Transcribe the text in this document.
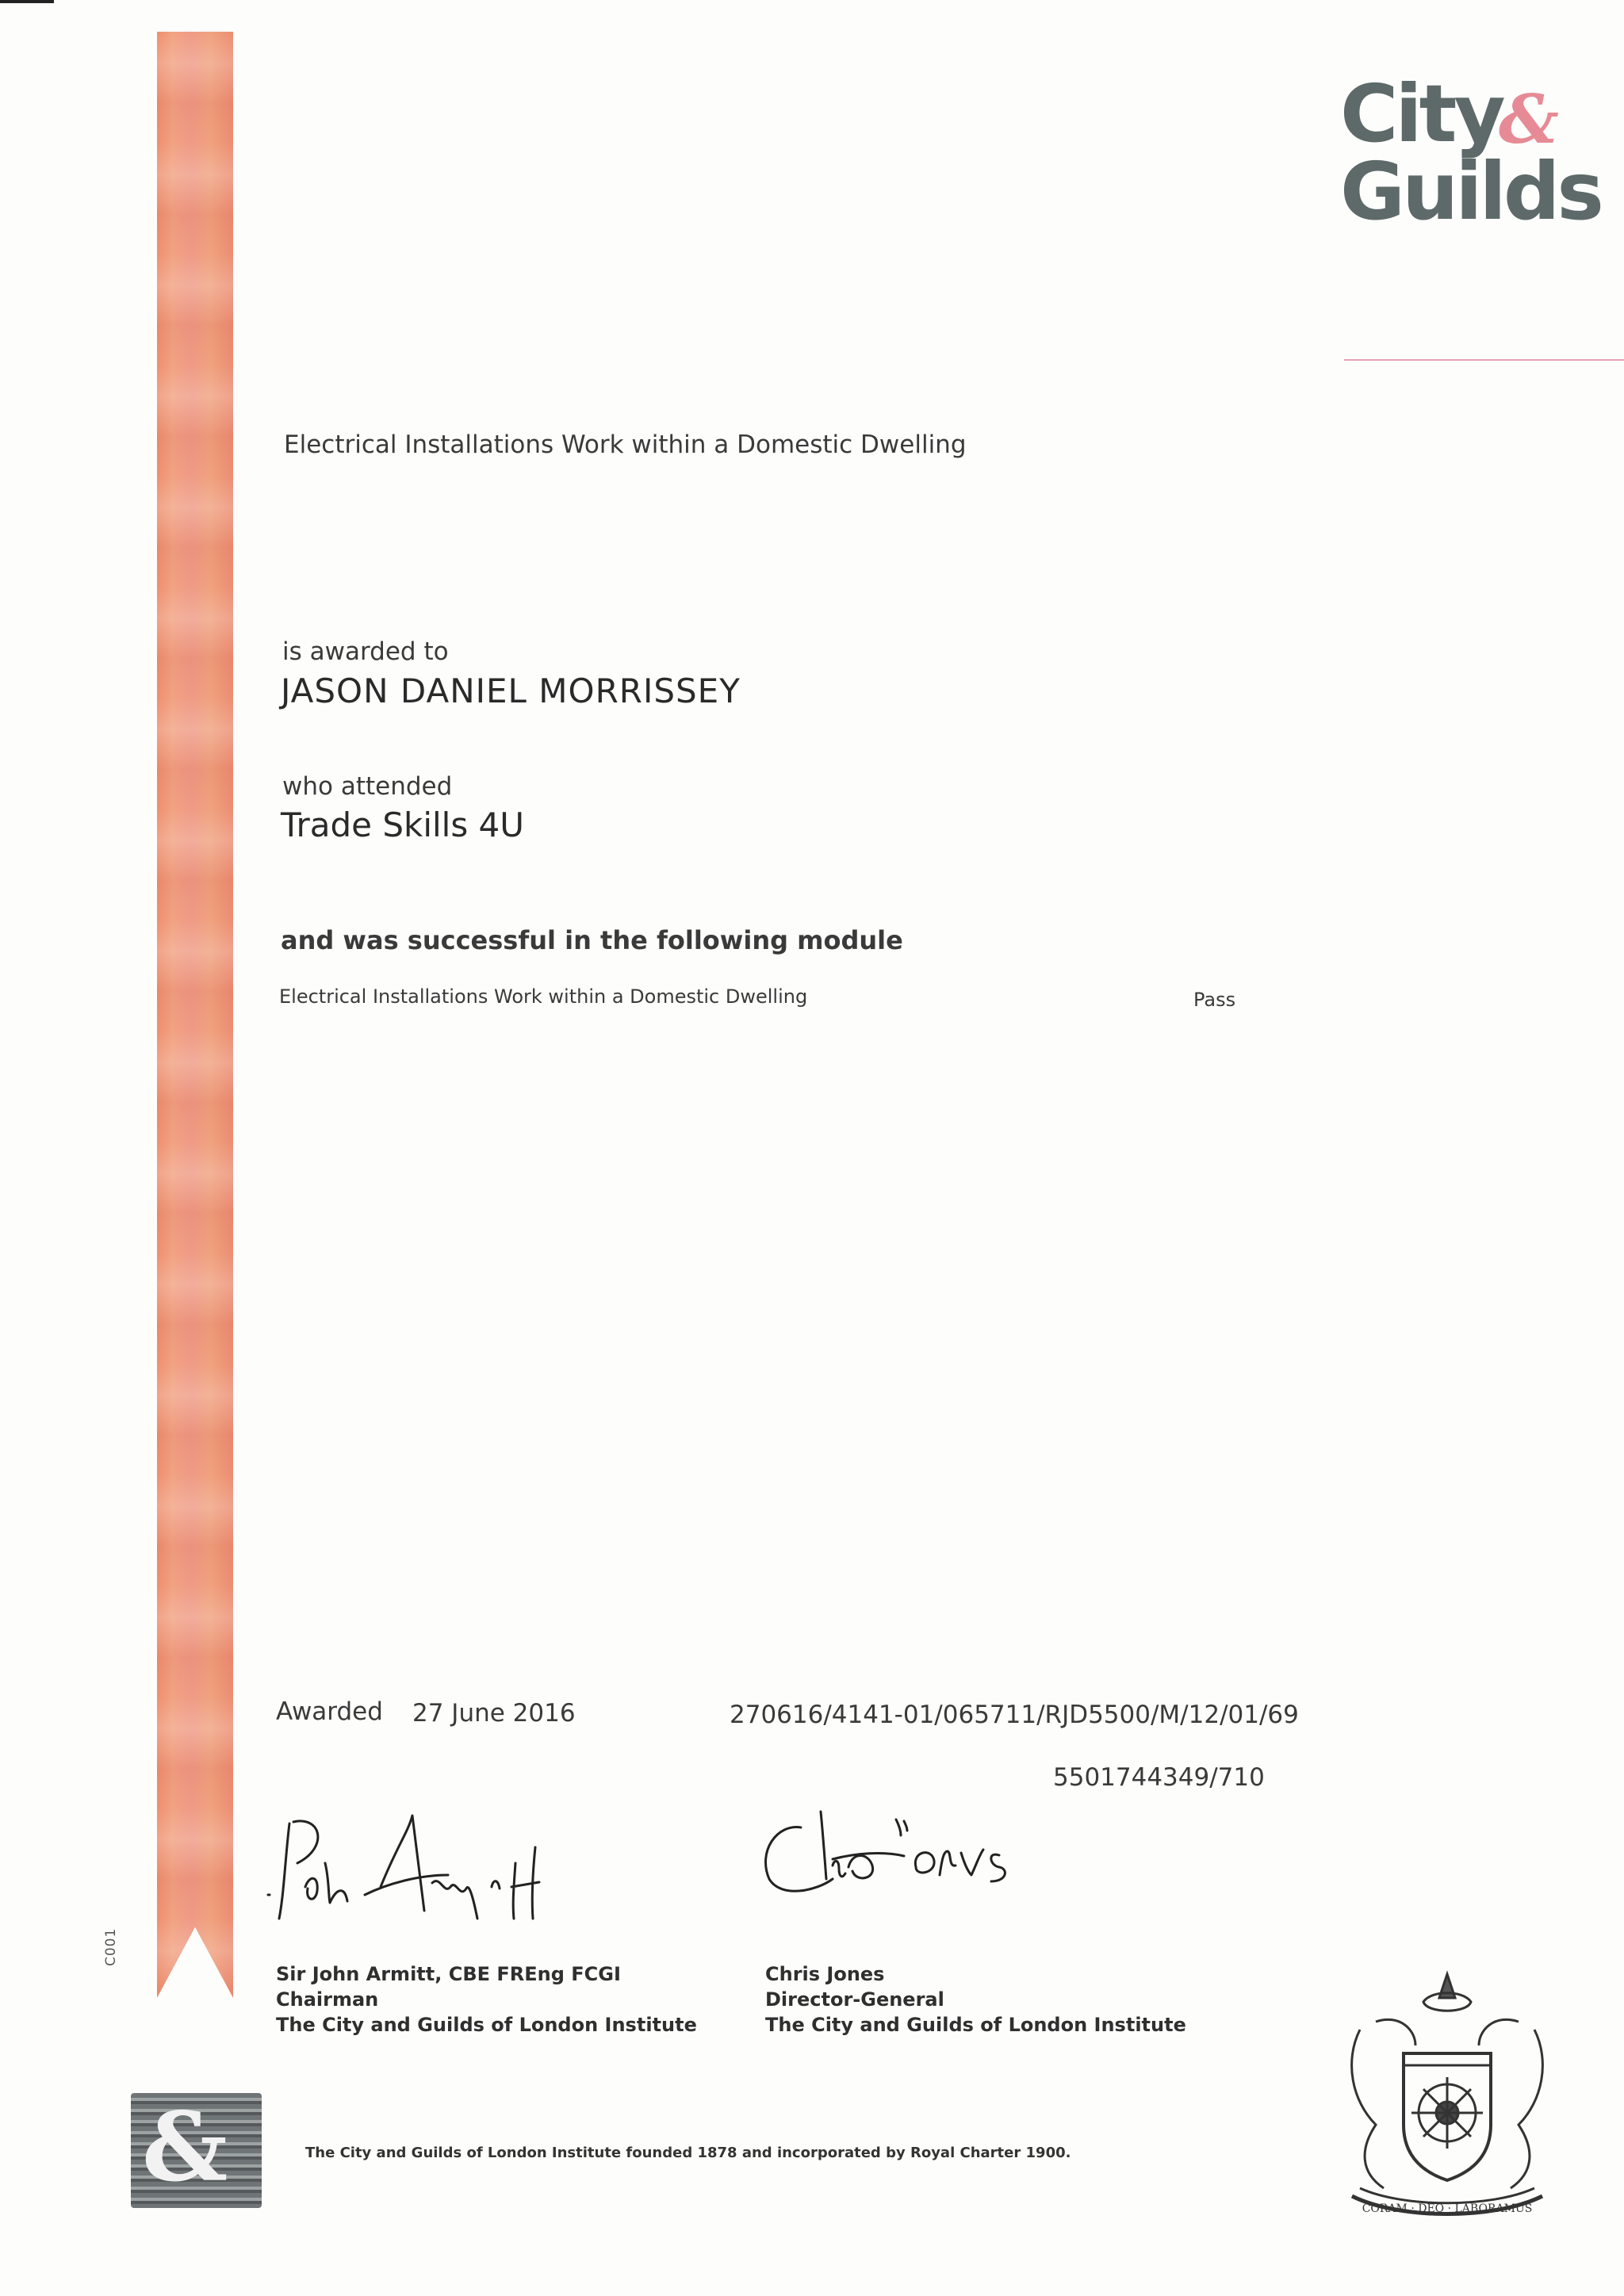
C001
City
Guilds
&
Electrical Installations Work within a Domestic Dwelling
is awarded to
JASON DANIEL MORRISSEY
who attended
Trade Skills 4U
and was successful in the following module
Electrical Installations Work within a Domestic Dwelling	Pass
Awarded 27 June 2016	270616/4141-01/065711/RJD5500/M/12/01/69
5501744349/710
Sir John Armitt, CBE FREng FCGI
Chairman
The City and Guilds of London Institute
Chris Jones
Director-General
The City and Guilds of London Institute
&	The City and Guilds of London Institute founded 1878 and incorporated by Royal Charter 1900.
CORAM · DEO · LABORAMUS
